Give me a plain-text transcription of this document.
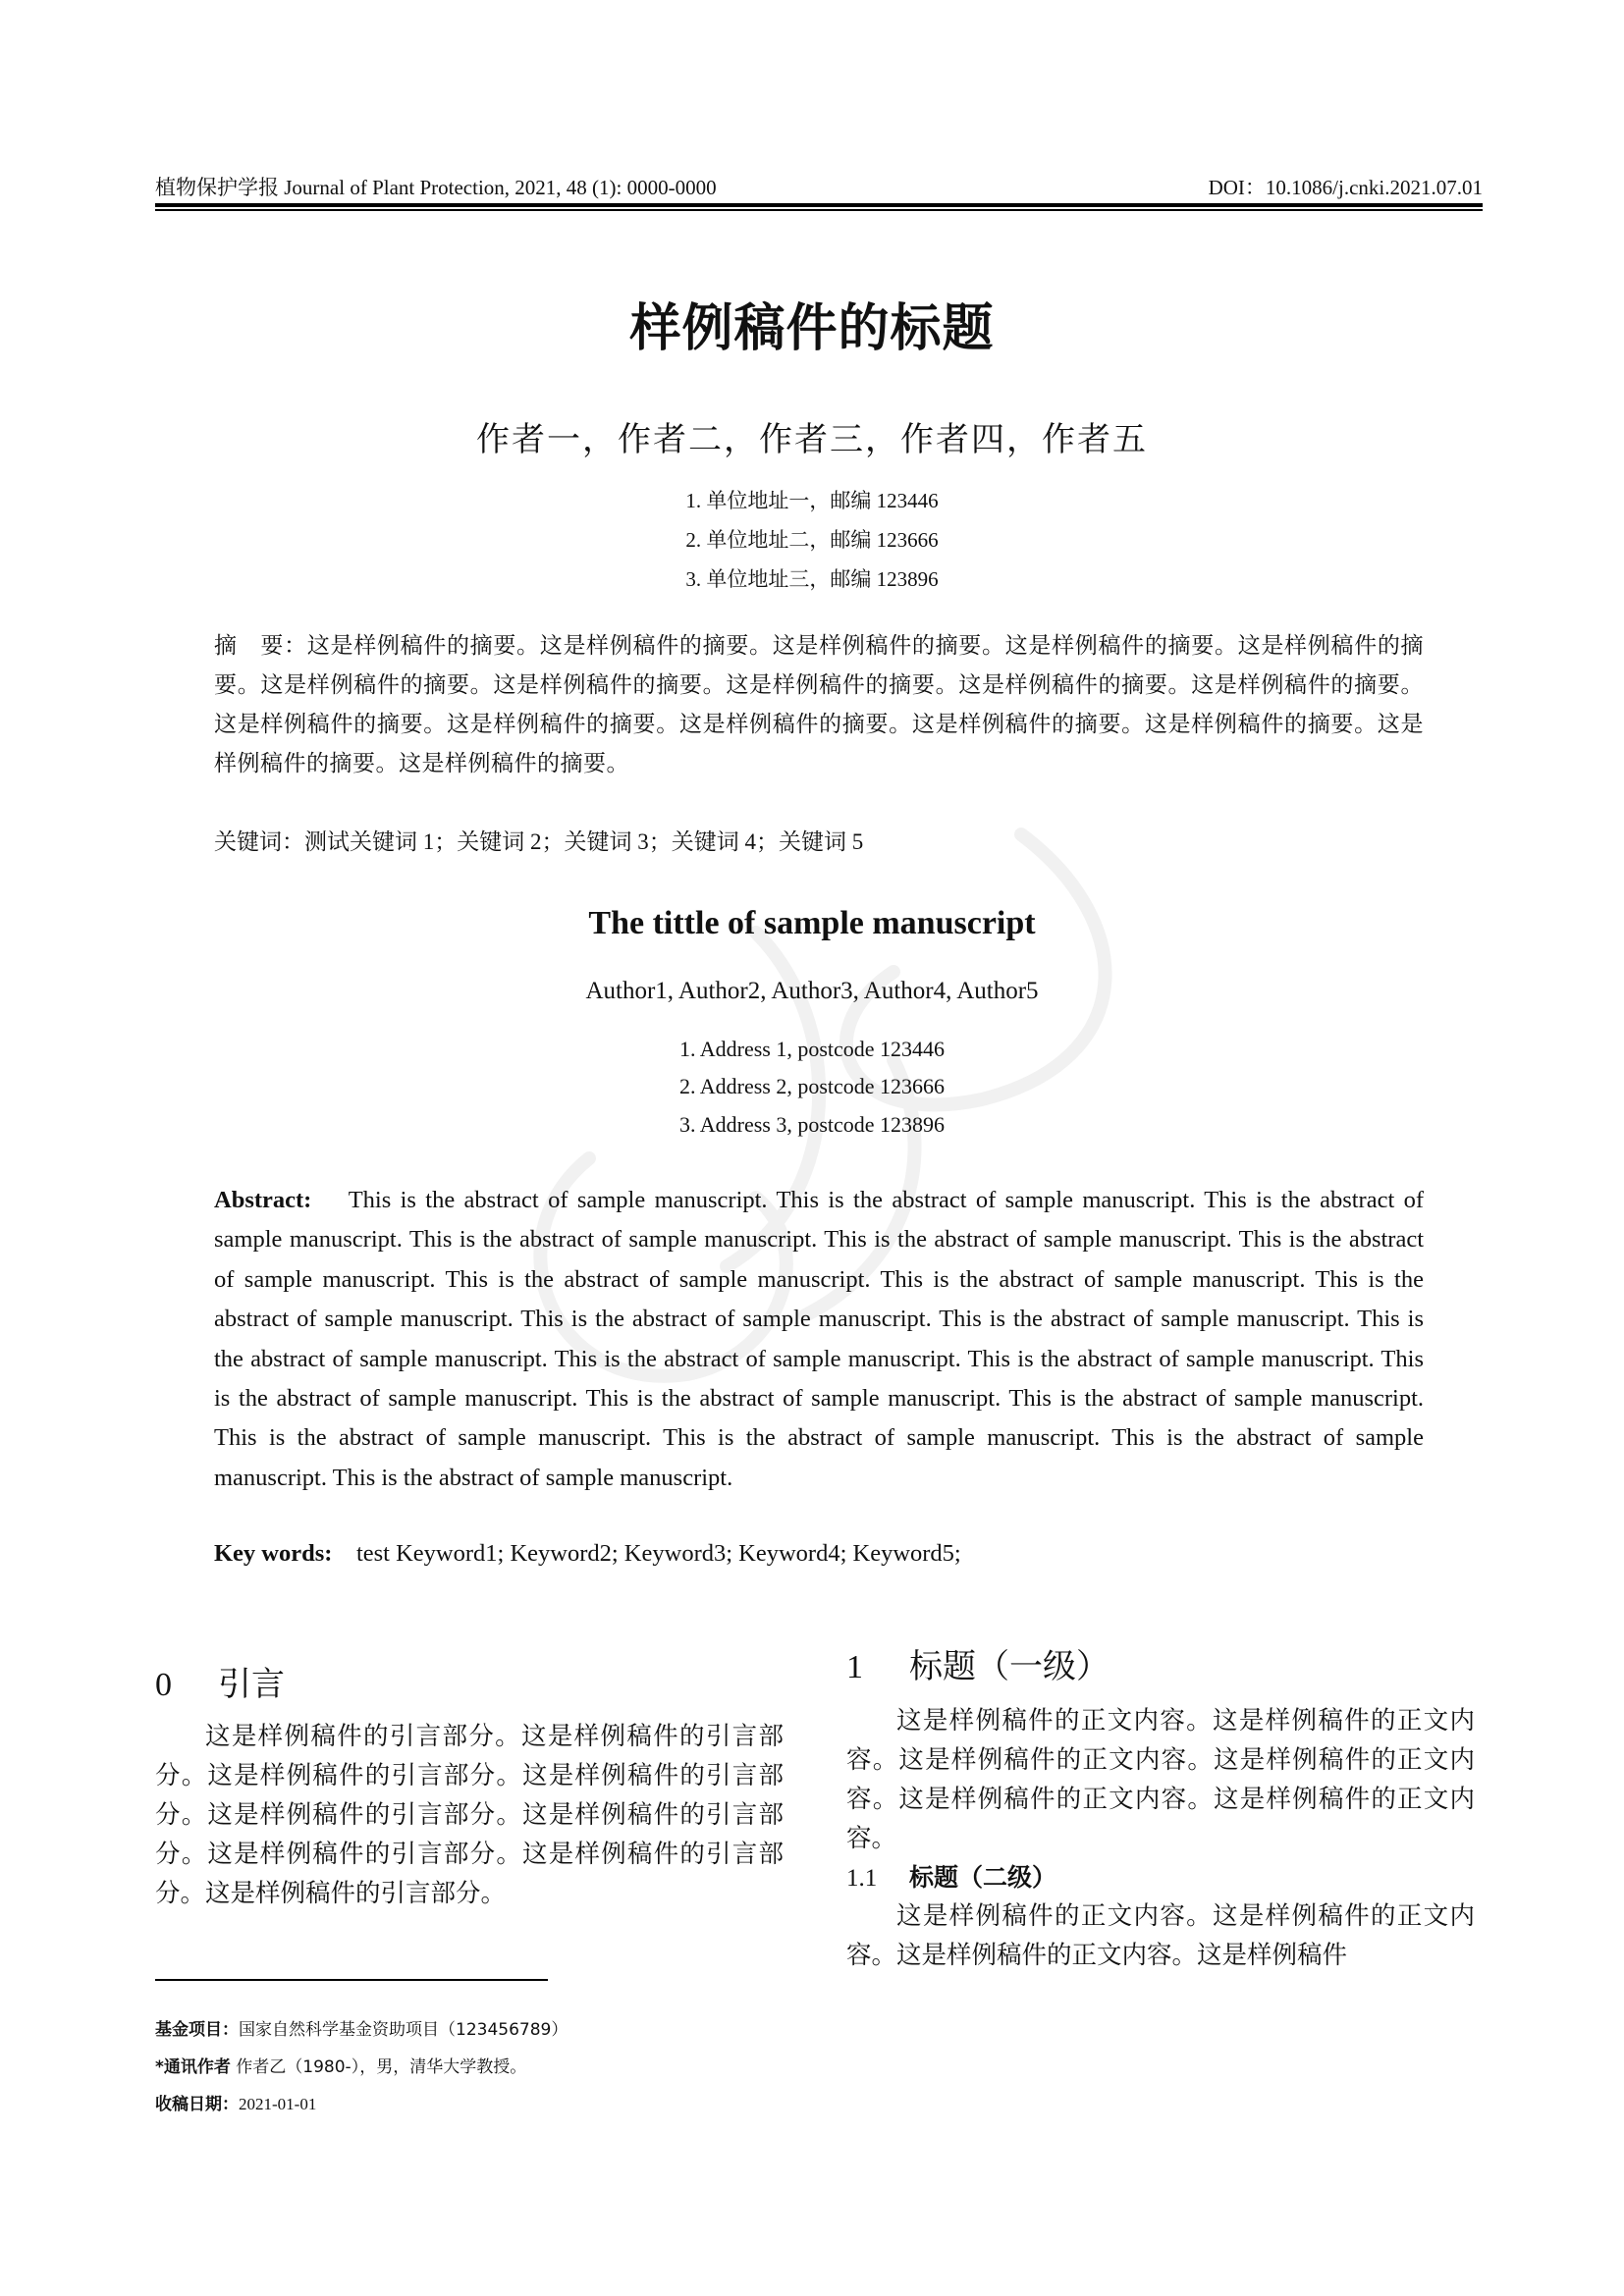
植物保护学报 Journal of Plant Protection, 2021, 48 (1): 0000-0000	DOI：10.1086/j.cnki.2021.07.01
样例稿件的标题
作者一，作者二，作者三，作者四，作者五
1. 单位地址一，邮编 123446
2. 单位地址二，邮编 123666
3. 单位地址三，邮编 123896
摘　要：这是样例稿件的摘要。这是样例稿件的摘要。这是样例稿件的摘要。这是样例稿件的摘要。这是样例稿件的摘要。这是样例稿件的摘要。这是样例稿件的摘要。这是样例稿件的摘要。这是样例稿件的摘要。这是样例稿件的摘要。这是样例稿件的摘要。这是样例稿件的摘要。这是样例稿件的摘要。这是样例稿件的摘要。这是样例稿件的摘要。这是样例稿件的摘要。这是样例稿件的摘要。
关键词：测试关键词 1；关键词 2；关键词 3；关键词 4；关键词 5
The tittle of sample manuscript
Author1, Author2, Author3, Author4, Author5
1. Address 1, postcode 123446
2. Address 2, postcode 123666
3. Address 3, postcode 123896
Abstract: This is the abstract of sample manuscript. This is the abstract of sample manuscript. This is the abstract of sample manuscript. This is the abstract of sample manuscript. This is the abstract of sample manuscript. This is the abstract of sample manuscript. This is the abstract of sample manuscript. This is the abstract of sample manuscript. This is the abstract of sample manuscript. This is the abstract of sample manuscript. This is the abstract of sample manuscript. This is the abstract of sample manuscript. This is the abstract of sample manuscript. This is the abstract of sample manuscript. This is the abstract of sample manuscript. This is the abstract of sample manuscript. This is the abstract of sample manuscript. This is the abstract of sample manuscript. This is the abstract of sample manuscript. This is the abstract of sample manuscript. This is the abstract of sample manuscript.
Key words: test Keyword1; Keyword2; Keyword3; Keyword4; Keyword5;
0 引言
这是样例稿件的引言部分。这是样例稿件的引言部分。这是样例稿件的引言部分。这是样例稿件的引言部分。这是样例稿件的引言部分。这是样例稿件的引言部分。这是样例稿件的引言部分。这是样例稿件的引言部分。这是样例稿件的引言部分。
1 标题（一级）
这是样例稿件的正文内容。这是样例稿件的正文内容。这是样例稿件的正文内容。这是样例稿件的正文内容。这是样例稿件的正文内容。这是样例稿件的正文内容。
1.1 标题（二级）
这是样例稿件的正文内容。这是样例稿件的正文内容。这是样例稿件的正文内容。这是样例稿件
基金项目：国家自然科学基金资助项目（123456789）
*通讯作者 作者乙（1980-），男，清华大学教授。
收稿日期：2021-01-01
